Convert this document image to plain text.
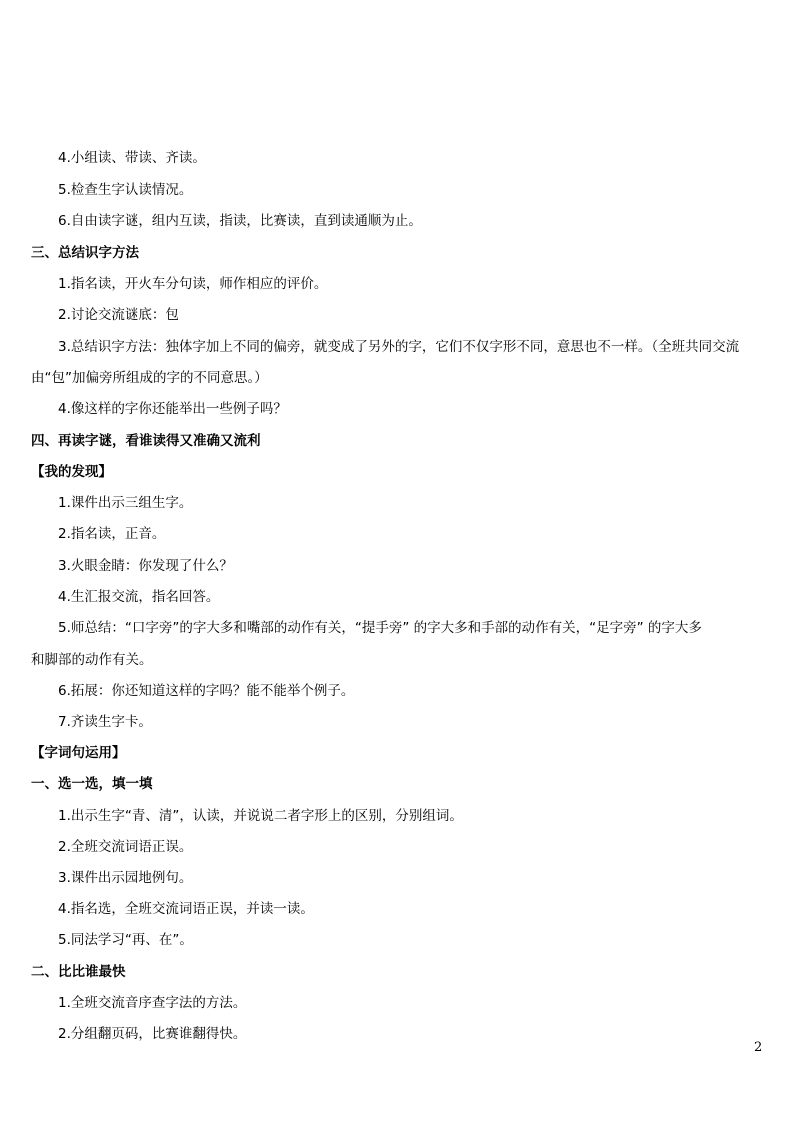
4.小组读、带读、齐读。
5.检查生字认读情况。
6.自由读字谜，组内互读，指读，比赛读，直到读通顺为止。
三、总结识字方法
1.指名读，开火车分句读，师作相应的评价。
2.讨论交流谜底：包
3.总结识字方法：独体字加上不同的偏旁，就变成了另外的字，它们不仅字形不同，意思也不一样。（全班共同交流
由“包”加偏旁所组成的字的不同意思。）
4.像这样的字你还能举出一些例子吗？
四、再读字谜，看谁读得又准确又流利
【我的发现】
1.课件出示三组生字。
2.指名读，正音。
3.火眼金睛：你发现了什么？
4.生汇报交流，指名回答。
5.师总结：“口字旁”的字大多和嘴部的动作有关，“提手旁” 的字大多和手部的动作有关，“足字旁” 的字大多
和脚部的动作有关。
6.拓展：你还知道这样的字吗？能不能举个例子。
7.齐读生字卡。
【字词句运用】
一、选一选，填一填
1.出示生字“青、清”，认读，并说说二者字形上的区别，分别组词。
2.全班交流词语正误。
3.课件出示园地例句。
4.指名选，全班交流词语正误，并读一读。
5.同法学习“再、在”。
二、比比谁最快
1.全班交流音序查字法的方法。
2.分组翻页码，比赛谁翻得快。
2
